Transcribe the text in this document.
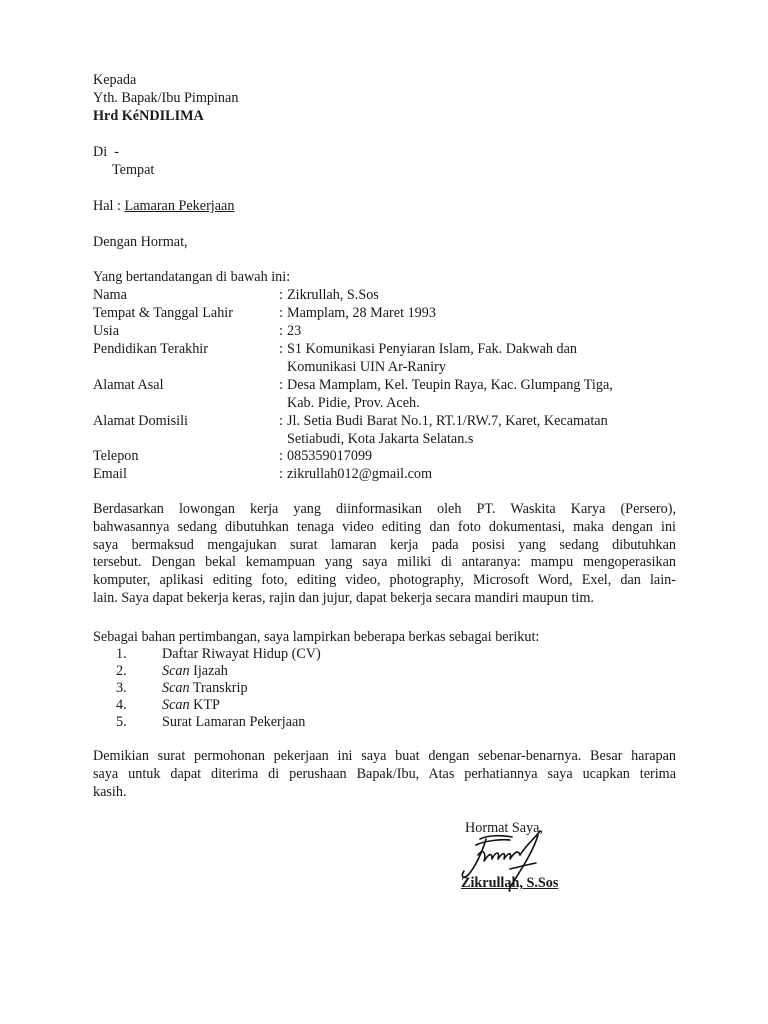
Kepada
Yth. Bapak/Ibu Pimpinan
Hrd KéNDILIMA
Di  -
Tempat
Hal : Lamaran Pekerjaan
Dengan Hormat,
Yang bertandatangan di bawah ini:
Nama	: Zikrullah, S.Sos
Tempat & Tanggal Lahir	: Mamplam, 28 Maret 1993
Usia	: 23
Pendidikan Terakhir	: S1 Komunikasi Penyiaran Islam, Fak. Dakwah dan
Komunikasi UIN Ar-Raniry
Alamat Asal	: Desa Mamplam, Kel. Teupin Raya, Kac. Glumpang Tiga,
Kab. Pidie, Prov. Aceh.
Alamat Domisili	: Jl. Setia Budi Barat No.1, RT.1/RW.7, Karet, Kecamatan
Setiabudi, Kota Jakarta Selatan.s
Telepon	: 085359017099
Email	: zikrullah012@gmail.com
Berdasarkan lowongan kerja yang diinformasikan oleh PT. Waskita Karya (Persero),
bahwasannya sedang dibutuhkan tenaga video editing dan foto dokumentasi, maka dengan ini
saya bermaksud mengajukan surat lamaran kerja pada posisi yang sedang dibutuhkan
tersebut. Dengan bekal kemampuan yang saya miliki di antaranya: mampu mengoperasikan
komputer, aplikasi editing foto, editing video, photography, Microsoft Word, Exel, dan lain-
lain. Saya dapat bekerja keras, rajin dan jujur, dapat bekerja secara mandiri maupun tim.
Sebagai bahan pertimbangan, saya lampirkan beberapa berkas sebagai berikut:
1. Daftar Riwayat Hidup (CV)
2. Scan Ijazah
3. Scan Transkrip
4. Scan KTP
5. Surat Lamaran Pekerjaan
Demikian surat permohonan pekerjaan ini saya buat dengan sebenar-benarnya. Besar harapan
saya untuk dapat diterima di perushaan Bapak/Ibu, Atas perhatiannya saya ucapkan terima
kasih.
Hormat Saya,
Zikrullah, S.Sos
